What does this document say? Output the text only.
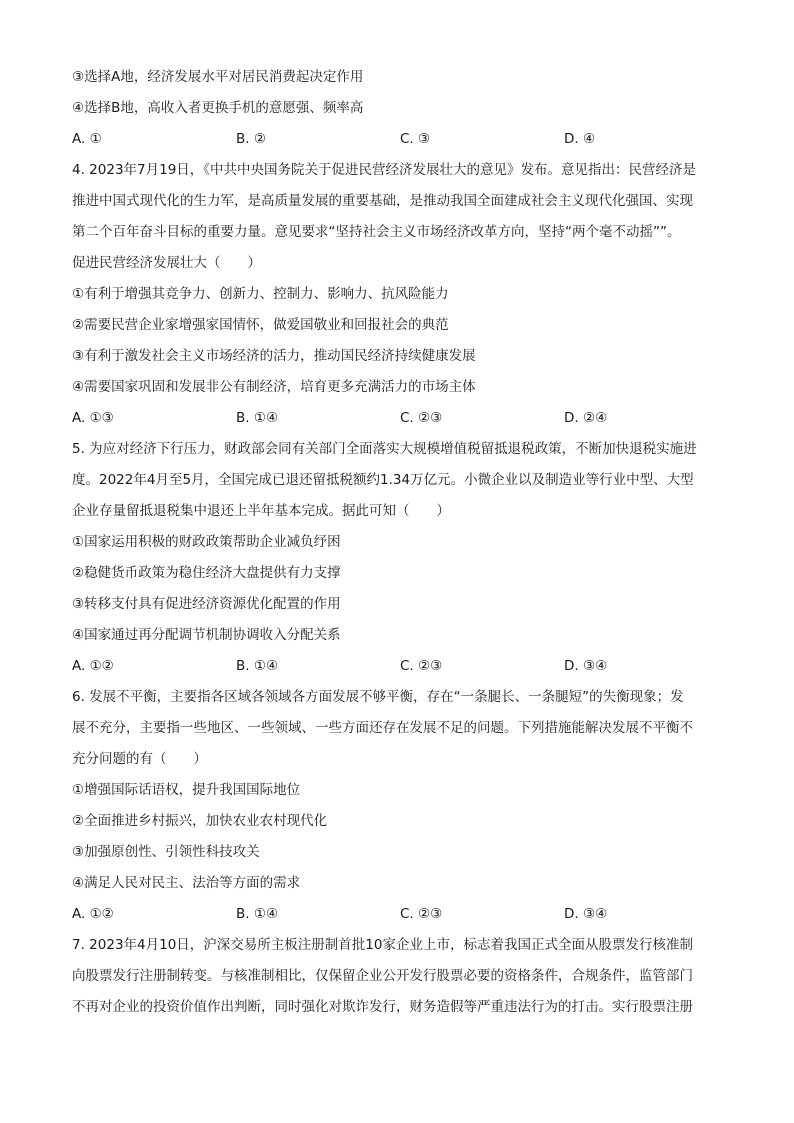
③选择A地，经济发展水平对居民消费起决定作用
④选择B地，高收入者更换手机的意愿强、频率高
A. ①	B. ②	C. ③	D. ④
4. 2023年7月19日，《中共中央国务院关于促进民营经济发展壮大的意见》发布。意见指出：民营经济是
推进中国式现代化的生力军，是高质量发展的重要基础，是推动我国全面建成社会主义现代化强国、实现
第二个百年奋斗目标的重要力量。意见要求“坚持社会主义市场经济改革方向，坚持“两个毫不动摇””。
促进民营经济发展壮大（　　）
①有利于增强其竞争力、创新力、控制力、影响力、抗风险能力
②需要民营企业家增强家国情怀，做爱国敬业和回报社会的典范
③有利于激发社会主义市场经济的活力，推动国民经济持续健康发展
④需要国家巩固和发展非公有制经济，培育更多充满活力的市场主体
A. ①③	B. ①④	C. ②③	D. ②④
5. 为应对经济下行压力，财政部会同有关部门全面落实大规模增值税留抵退税政策，不断加快退税实施进
度。2022年4月至5月，全国完成已退还留抵税额约1.34万亿元。小微企业以及制造业等行业中型、大型
企业存量留抵退税集中退还上半年基本完成。据此可知（　　）
①国家运用积极的财政政策帮助企业减负纾困
②稳健货币政策为稳住经济大盘提供有力支撑
③转移支付具有促进经济资源优化配置的作用
④国家通过再分配调节机制协调收入分配关系
A. ①②	B. ①④	C. ②③	D. ③④
6. 发展不平衡，主要指各区域各领域各方面发展不够平衡，存在“一条腿长、一条腿短”的失衡现象；发
展不充分，主要指一些地区、一些领域、一些方面还存在发展不足的问题。下列措施能解决发展不平衡不
充分问题的有（　　）
①增强国际话语权，提升我国国际地位
②全面推进乡村振兴，加快农业农村现代化
③加强原创性、引领性科技攻关
④满足人民对民主、法治等方面的需求
A. ①②	B. ①④	C. ②③	D. ③④
7. 2023年4月10日，沪深交易所主板注册制首批10家企业上市，标志着我国正式全面从股票发行核准制
向股票发行注册制转变。与核准制相比，仅保留企业公开发行股票必要的资格条件，合规条件，监管部门
不再对企业的投资价值作出判断，同时强化对欺诈发行，财务造假等严重违法行为的打击。实行股票注册
